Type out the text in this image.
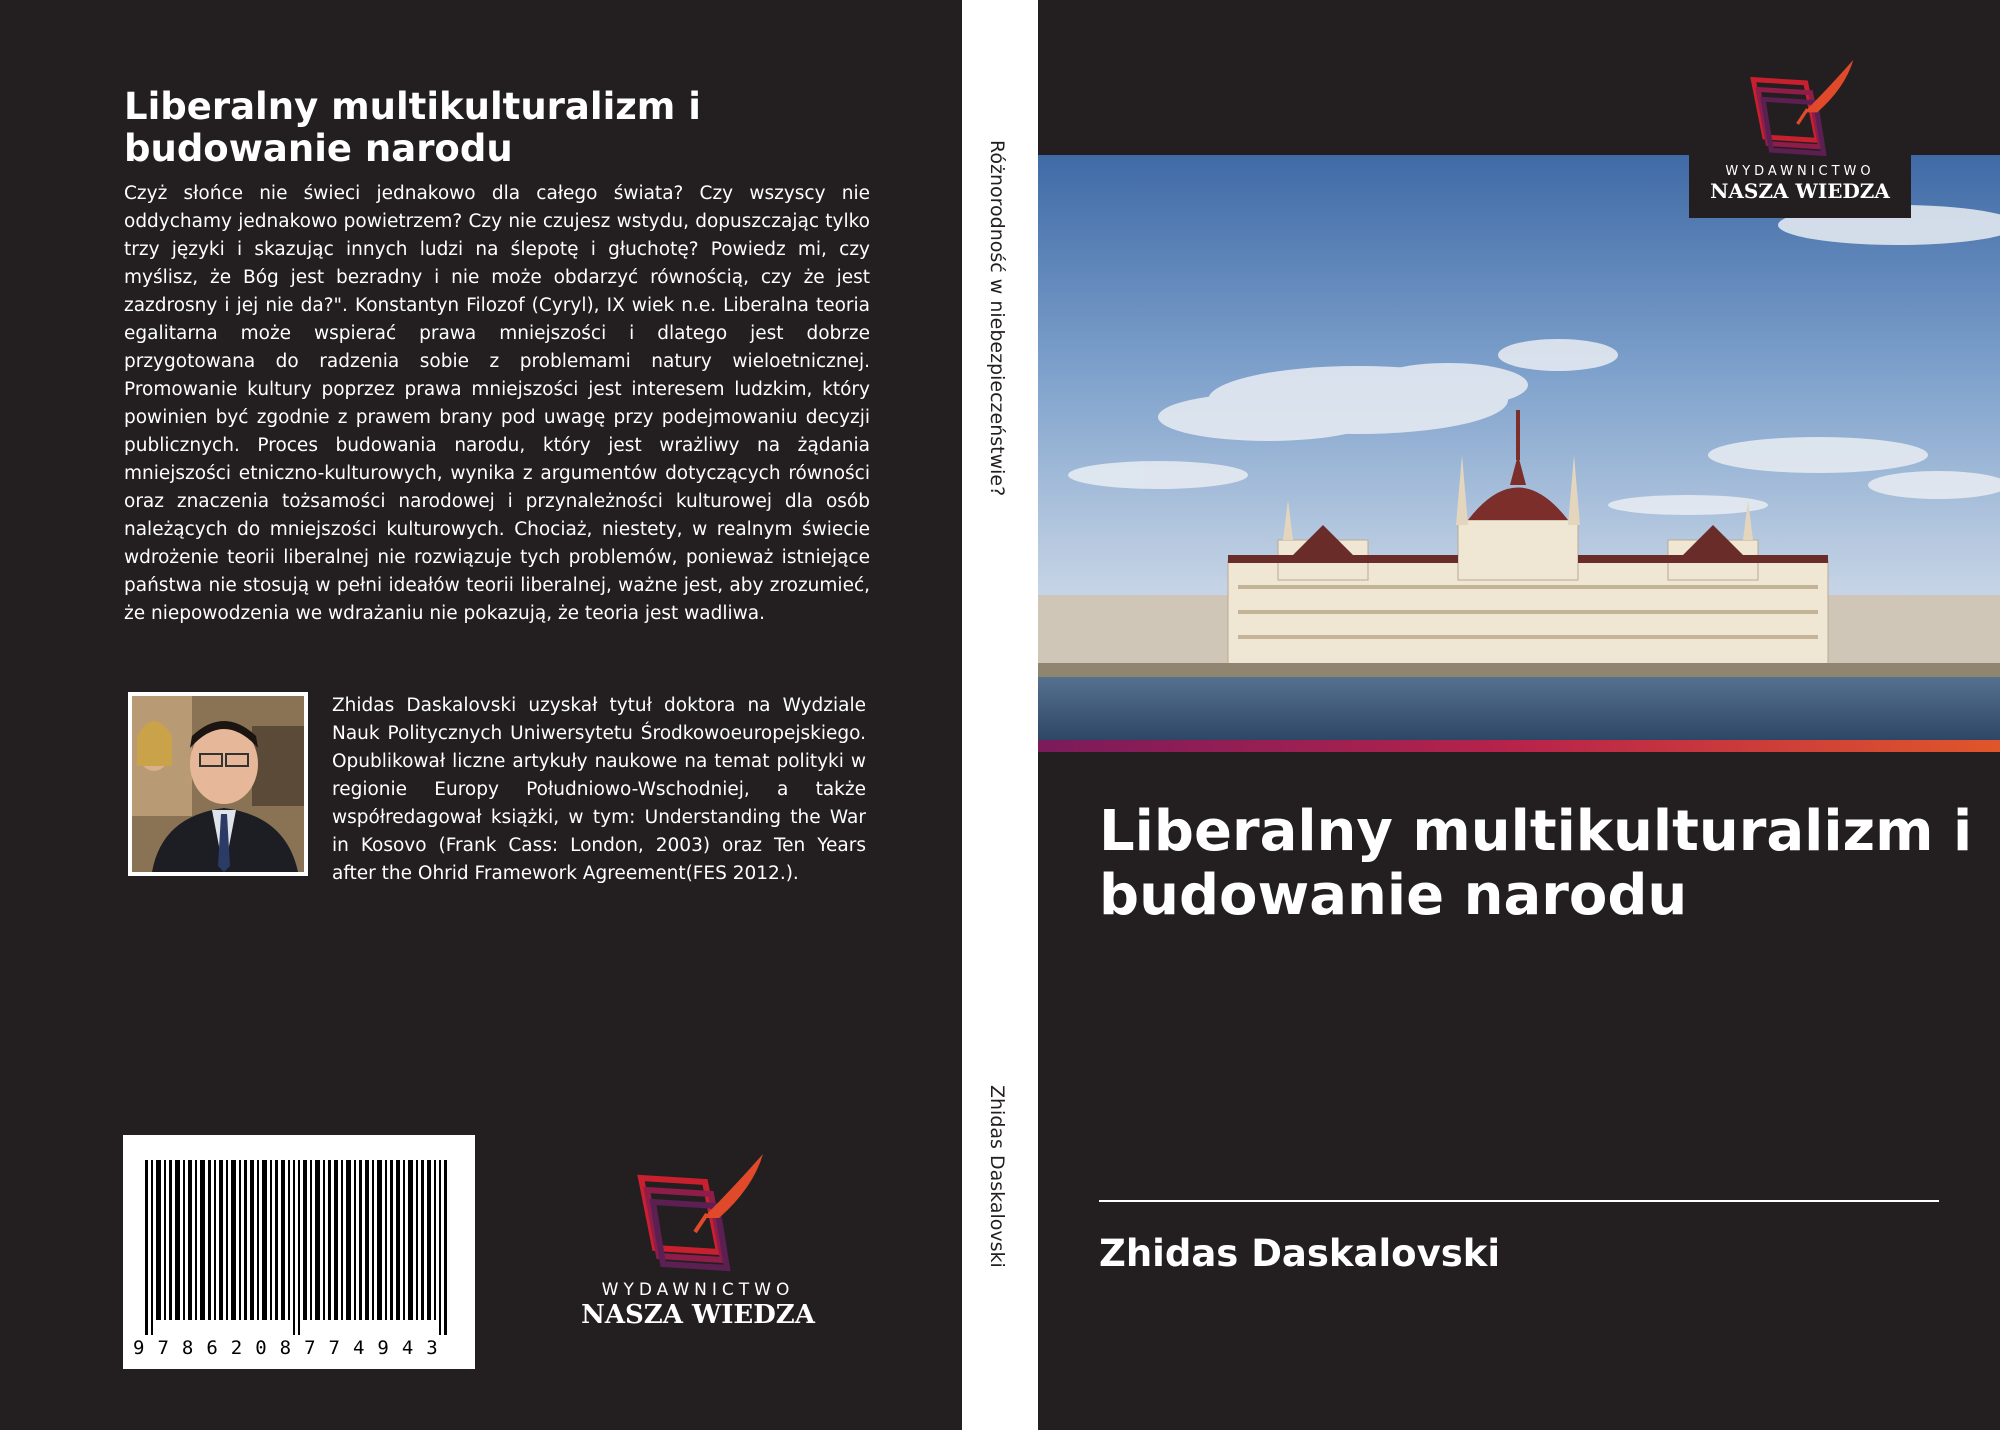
Liberalny multikulturalizm i budowanie narodu

Czyż słońce nie świeci jednakowo dla całego świata? Czy wszyscy nie oddychamy jednakowo powietrzem? Czy nie czujesz wstydu, dopuszczając tylko trzy języki i skazując innych ludzi na ślepotę i głuchotę? Powiedz mi, czy myślisz, że Bóg jest bezradny i nie może obdarzyć równością, czy że jest zazdrosny i jej nie da?". Konstantyn Filozof (Cyryl), IX wiek n.e. Liberalna teoria egalitarna może wspierać prawa mniejszości i dlatego jest dobrze przygotowana do radzenia sobie z problemami natury wieloetnicznej. Promowanie kultury poprzez prawa mniejszości jest interesem ludzkim, który powinien być zgodnie z prawem brany pod uwagę przy podejmowaniu decyzji publicznych. Proces budowania narodu, który jest wrażliwy na żądania mniejszości etniczno-kulturowych, wynika z argumentów dotyczących równości oraz znaczenia tożsamości narodowej i przynależności kulturowej dla osób należących do mniejszości kulturowych. Chociaż, niestety, w realnym świecie wdrożenie teorii liberalnej nie rozwiązuje tych problemów, ponieważ istniejące państwa nie stosują w pełni ideałów teorii liberalnej, ważne jest, aby zrozumieć, że niepowodzenia we wdrażaniu nie pokazują, że teoria jest wadliwa.

Zhidas Daskalovski uzyskał tytuł doktora na Wydziale Nauk Politycznych Uniwersytetu Środkowoeuropejskiego. Opublikował liczne artykuły naukowe na temat polityki w regionie Europy Południowo-Wschodniej, a także współredagował książki, w tym: Understanding the War in Kosovo (Frank Cass: London, 2003) oraz Ten Years after the Ohrid Framework Agreement(FES 2012.).

9786208774943
WYDAWNICTWO
NASZA WIEDZA
Różnorodność w niebezpieczeństwie?
Zhidas Daskalovski
WYDAWNICTWO
NASZA WIEDZA
Liberalny multikulturalizm i budowanie narodu

Zhidas Daskalovski
